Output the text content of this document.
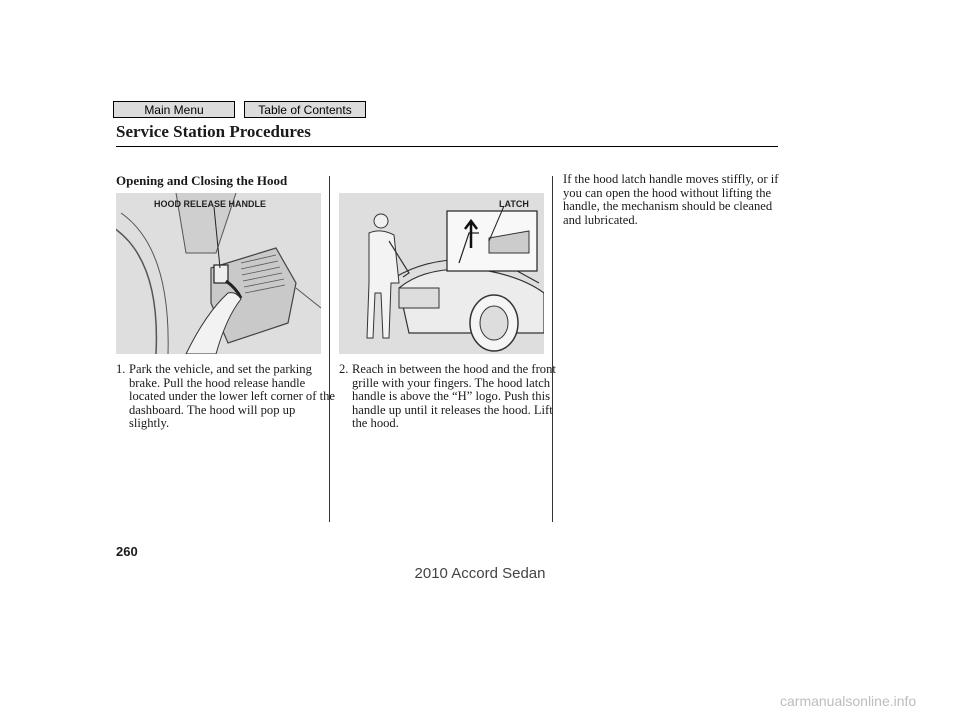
Main Menu	Table of Contents
Service Station Procedures
Opening and Closing the Hood
HOOD RELEASE HANDLE	LATCH
1. Park the vehicle, and set the parking brake. Pull the hood release handle located under the lower left corner of the dashboard. The hood will pop up slightly.
2. Reach in between the hood and the front grille with your fingers. The hood latch handle is above the “H” logo. Push this handle up until it releases the hood. Lift the hood.
If the hood latch handle moves stiffly, or if you can open the hood without lifting the handle, the mechanism should be cleaned and lubricated.
260
2010 Accord Sedan
carmanualsonline.info
